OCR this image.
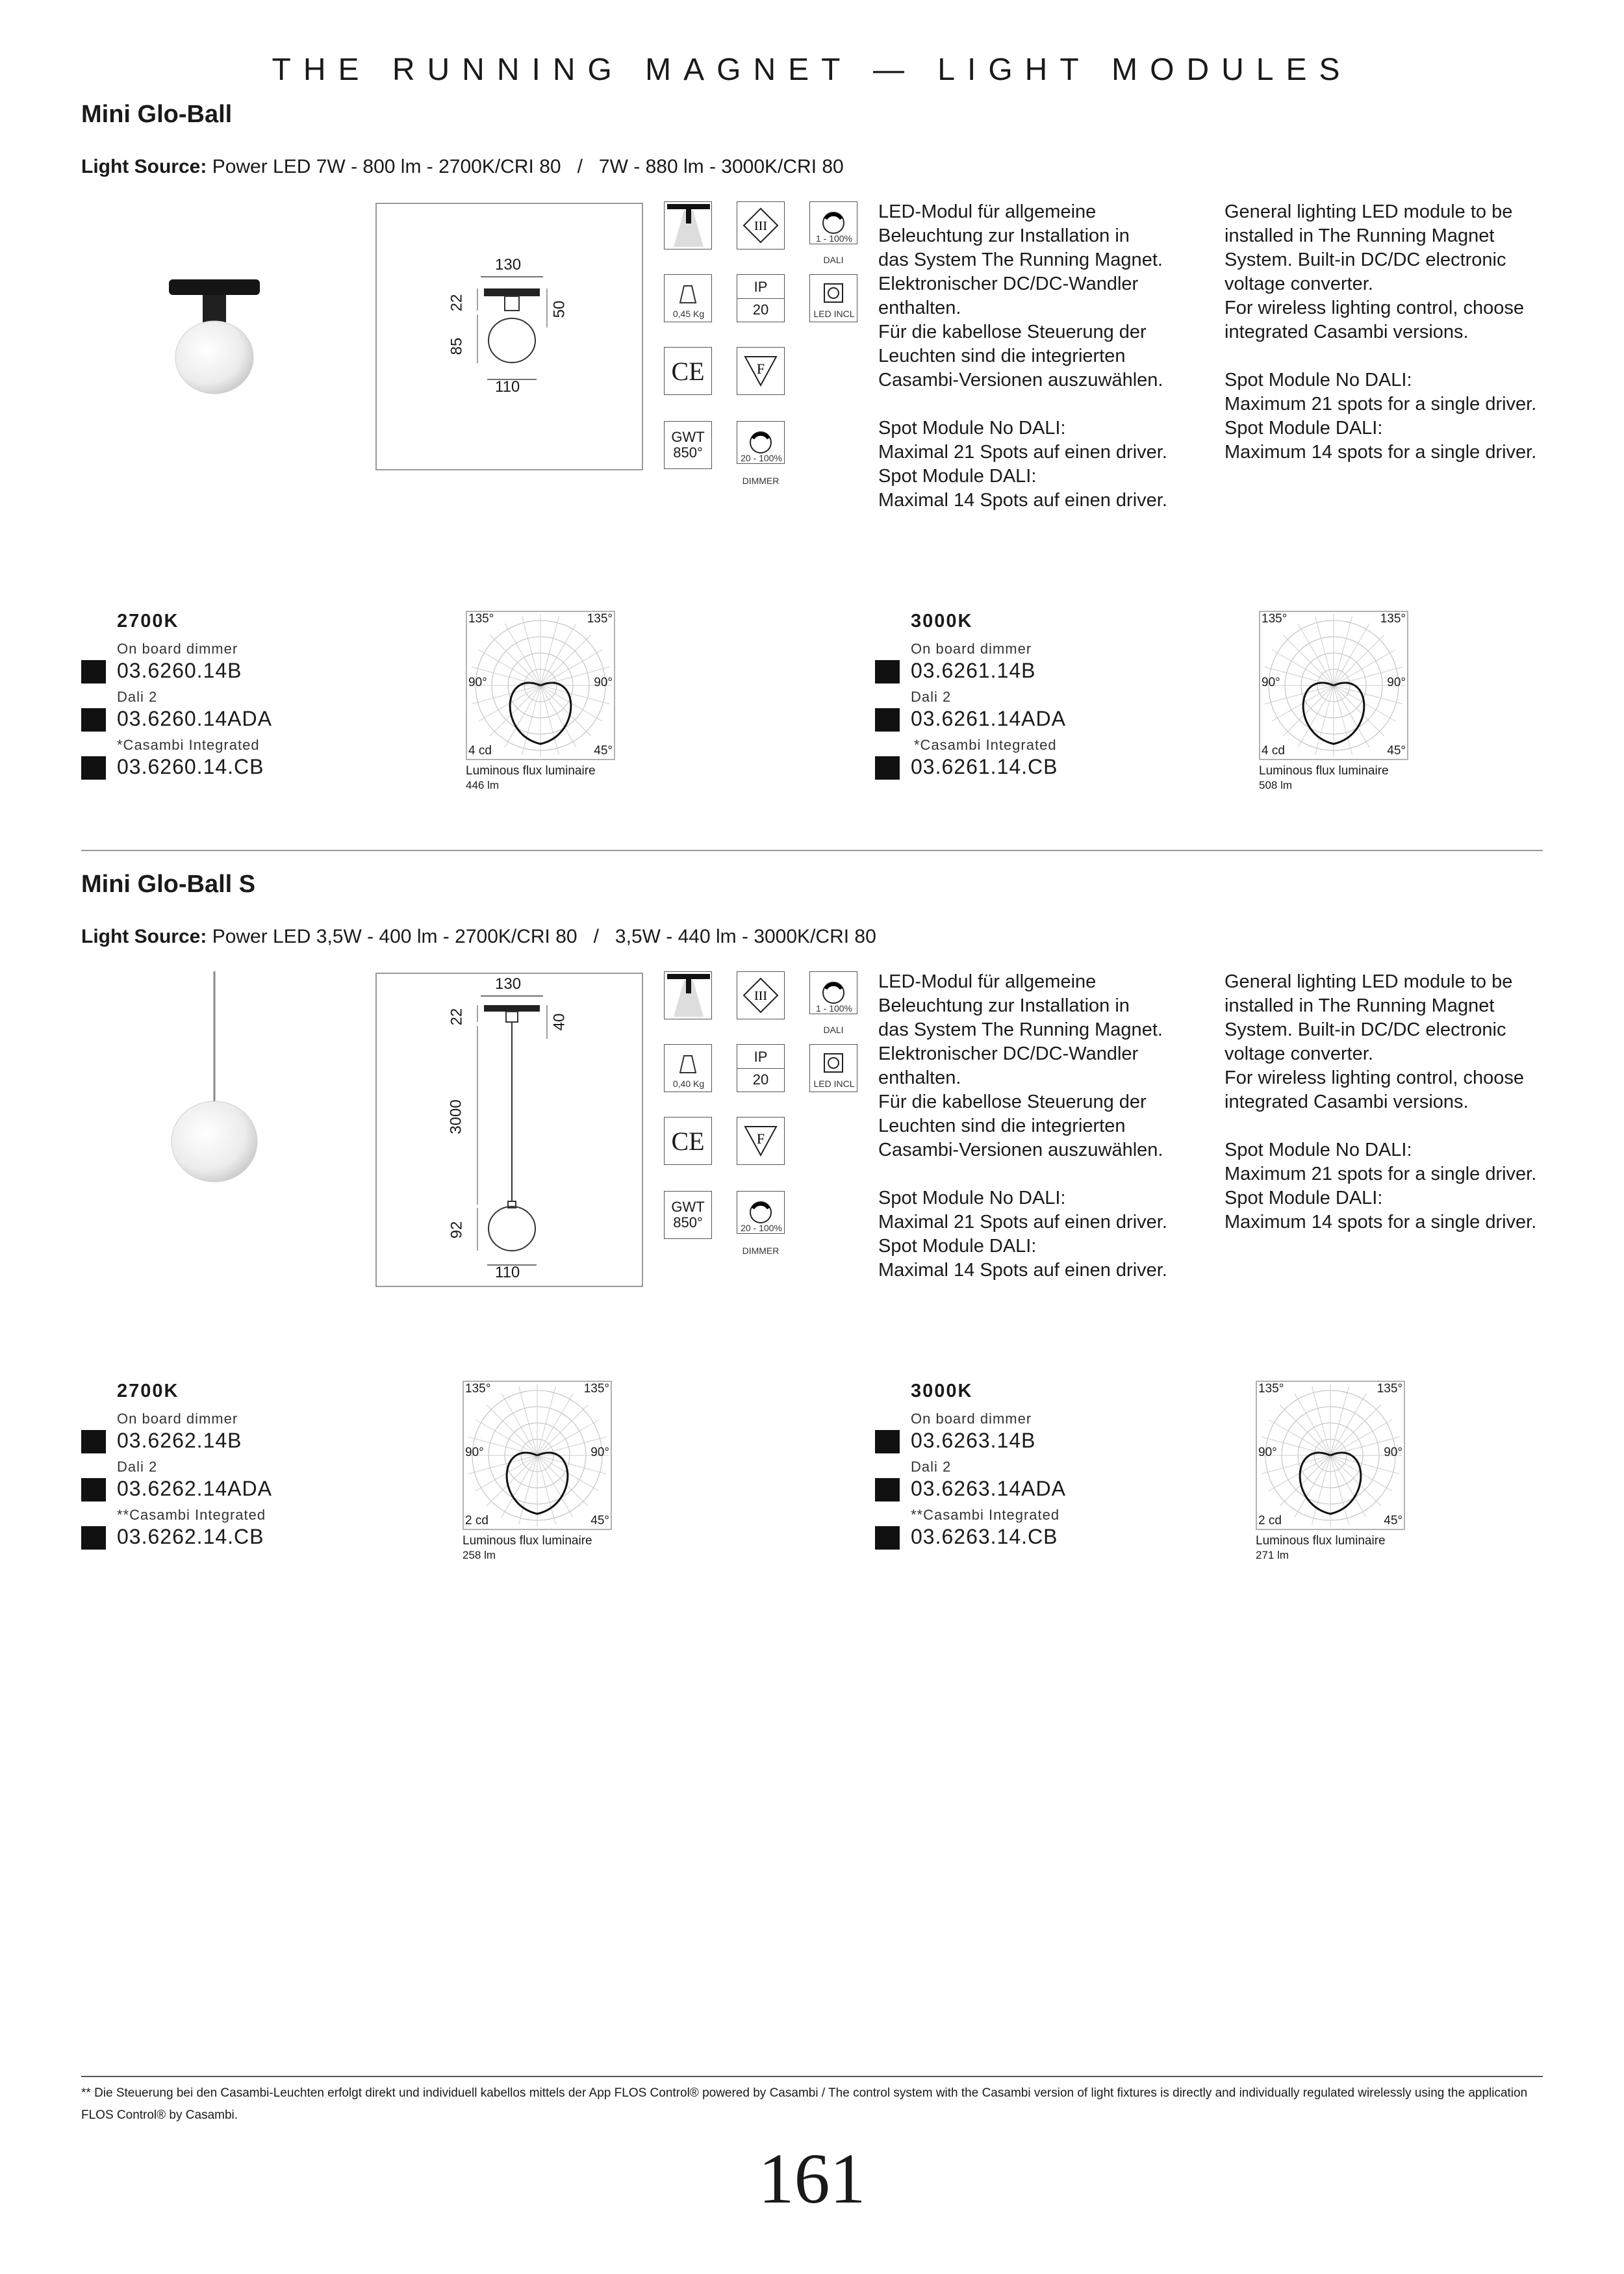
THE RUNNING MAGNET — LIGHT MODULES
Mini Glo-Ball
Light Source: Power LED 7W - 800 lm - 2700K/CRI 80   /   7W - 880 lm - 3000K/CRI 80
130
22	50
85
110
III
1 - 100%
DALI
0,45 Kg
IP
20	LED INCL
CE	F
GWT
850°	20 - 100%
DIMMER
LED-Modul für allgemeine
Beleuchtung zur Installation in
das System The Running Magnet.
Elektronischer DC/DC-Wandler
enthalten.
Für die kabellose Steuerung der
Leuchten sind die integrierten
Casambi-Versionen auszuwählen.

Spot Module No DALI:
Maximal 21 Spots auf einen driver.
Spot Module DALI:
Maximal 14 Spots auf einen driver.
General lighting LED module to be
installed in The Running Magnet
System. Built-in DC/DC electronic
voltage converter.
For wireless lighting control, choose
integrated Casambi versions.

Spot Module No DALI:
Maximum 21 spots for a single driver.
Spot Module DALI:
Maximum 14 spots for a single driver.
2700K
On board dimmer
03.6260.14B
Dali 2
03.6260.14ADA
*Casambi Integrated
03.6260.14.CB
135°	135°
90°	90°
4 cd	45°
Luminous flux luminaire
446 lm
3000K
On board dimmer
03.6261.14B
Dali 2
03.6261.14ADA
*Casambi Integrated
03.6261.14.CB
135°	135°
90°	90°
4 cd	45°
Luminous flux luminaire
508 lm
Mini Glo-Ball S
Light Source: Power LED 3,5W - 400 lm - 2700K/CRI 80   /   3,5W - 440 lm - 3000K/CRI 80
130
22	40
3000
92
110
III
1 - 100%
DALI
0,40 Kg
IP
20	LED INCL
CE	F
GWT
850°	20 - 100%
DIMMER
LED-Modul für allgemeine
Beleuchtung zur Installation in
das System The Running Magnet.
Elektronischer DC/DC-Wandler
enthalten.
Für die kabellose Steuerung der
Leuchten sind die integrierten
Casambi-Versionen auszuwählen.

Spot Module No DALI:
Maximal 21 Spots auf einen driver.
Spot Module DALI:
Maximal 14 Spots auf einen driver.
General lighting LED module to be
installed in The Running Magnet
System. Built-in DC/DC electronic
voltage converter.
For wireless lighting control, choose
integrated Casambi versions.

Spot Module No DALI:
Maximum 21 spots for a single driver.
Spot Module DALI:
Maximum 14 spots for a single driver.
2700K
On board dimmer
03.6262.14B
Dali 2
03.6262.14ADA
**Casambi Integrated
03.6262.14.CB
135°	135°
90°	90°
2 cd	45°
Luminous flux luminaire
258 lm
3000K
On board dimmer
03.6263.14B
Dali 2
03.6263.14ADA
**Casambi Integrated
03.6263.14.CB
135°	135°
90°	90°
2 cd	45°
Luminous flux luminaire
271 lm
** Die Steuerung bei den Casambi-Leuchten erfolgt direkt und individuell kabellos mittels der App FLOS Control® powered by Casambi / The control system with the Casambi version of light fixtures is directly and individually regulated wirelessly using the application FLOS Control® by Casambi.
161
